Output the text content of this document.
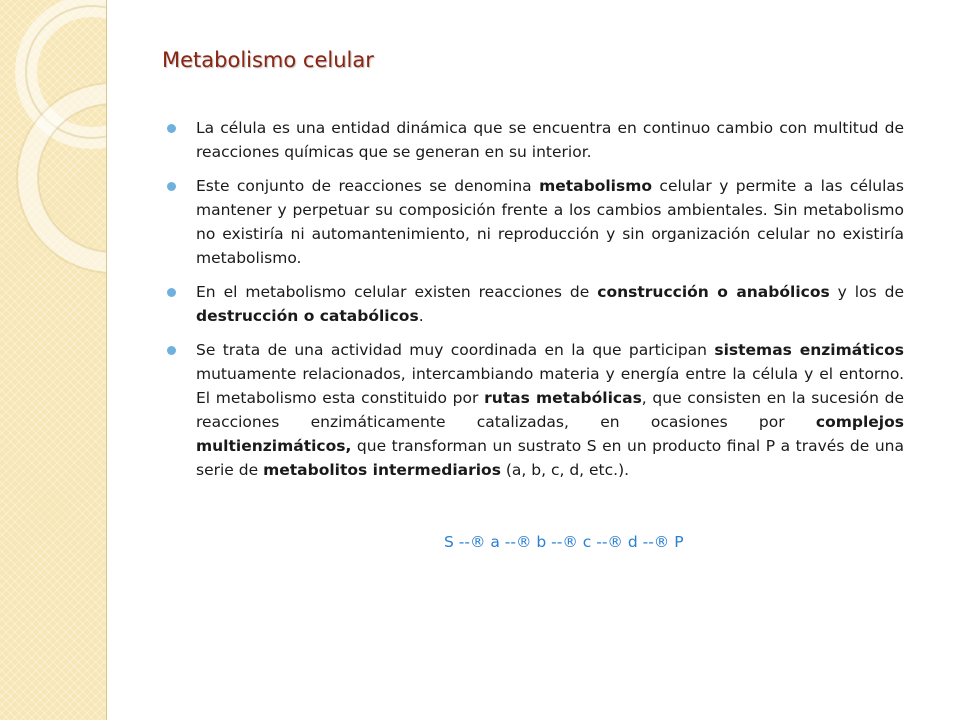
Metabolismo celular
La célula es una entidad dinámica que se encuentra en continuo cambio con multitud de reacciones químicas que se generan en su interior.
Este conjunto de reacciones se denomina metabolismo celular y permite a las células mantener y perpetuar su composición frente a los cambios ambientales. Sin metabolismo no existiría ni automantenimiento, ni reproducción y sin organización celular no existiría metabolismo.
En el metabolismo celular existen reacciones de construcción o anabólicos y los de destrucción o catabólicos.
Se trata de una actividad muy coordinada en la que participan sistemas enzimáticos mutuamente relacionados, intercambiando materia y energía entre la célula y el entorno. El metabolismo esta constituido por rutas metabólicas, que consisten en la sucesión de reacciones enzimáticamente catalizadas, en ocasiones por complejos multienzimáticos, que transforman un sustrato S en un producto final P a través de una serie de metabolitos intermediarios (a, b, c, d, etc.).
S --® a --® b --® c --® d --® P
